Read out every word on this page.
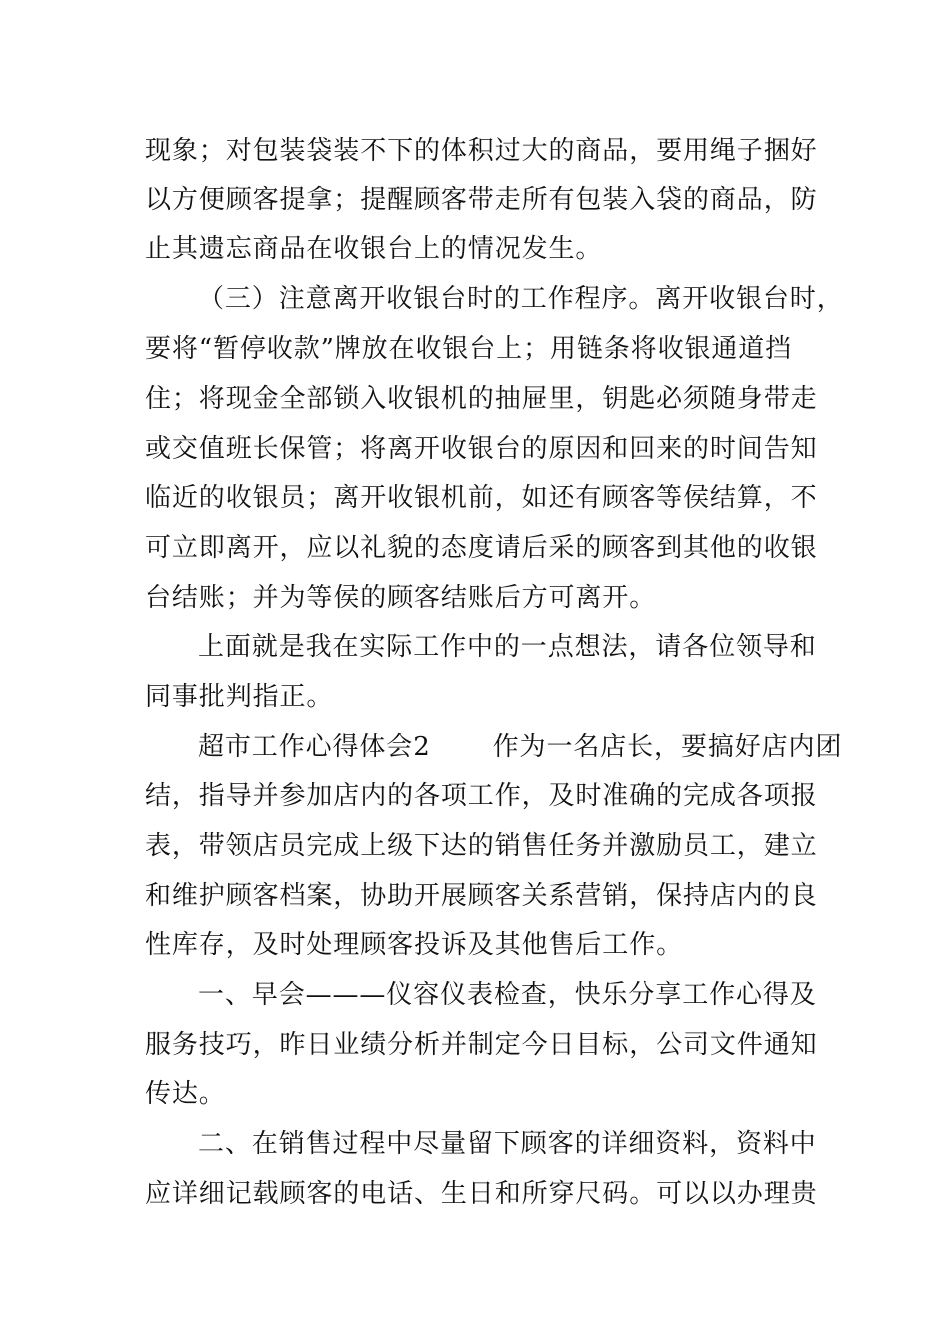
现象；对包装袋装不下的体积过大的商品，要用绳子捆好
以方便顾客提拿；提醒顾客带走所有包装入袋的商品，防
止其遗忘商品在收银台上的情况发生。
（三）注意离开收银台时的工作程序。离开收银台时，
要将“暂停收款”牌放在收银台上；用链条将收银通道挡
住；将现金全部锁入收银机的抽屉里，钥匙必须随身带走
或交值班长保管；将离开收银台的原因和回来的时间告知
临近的收银员；离开收银机前，如还有顾客等侯结算，不
可立即离开，应以礼貌的态度请后采的顾客到其他的收银
台结账；并为等侯的顾客结账后方可离开。
上面就是我在实际工作中的一点想法，请各位领导和
同事批判指正。
超市工作心得体会2 作为一名店长，要搞好店内团
结，指导并参加店内的各项工作，及时准确的完成各项报
表，带领店员完成上级下达的销售任务并激励员工，建立
和维护顾客档案，协助开展顾客关系营销，保持店内的良
性库存，及时处理顾客投诉及其他售后工作。
一、早会———仪容仪表检查，快乐分享工作心得及
服务技巧，昨日业绩分析并制定今日目标，公司文件通知
传达。
二、在销售过程中尽量留下顾客的详细资料，资料中
应详细记载顾客的电话、生日和所穿尺码。可以以办理贵
